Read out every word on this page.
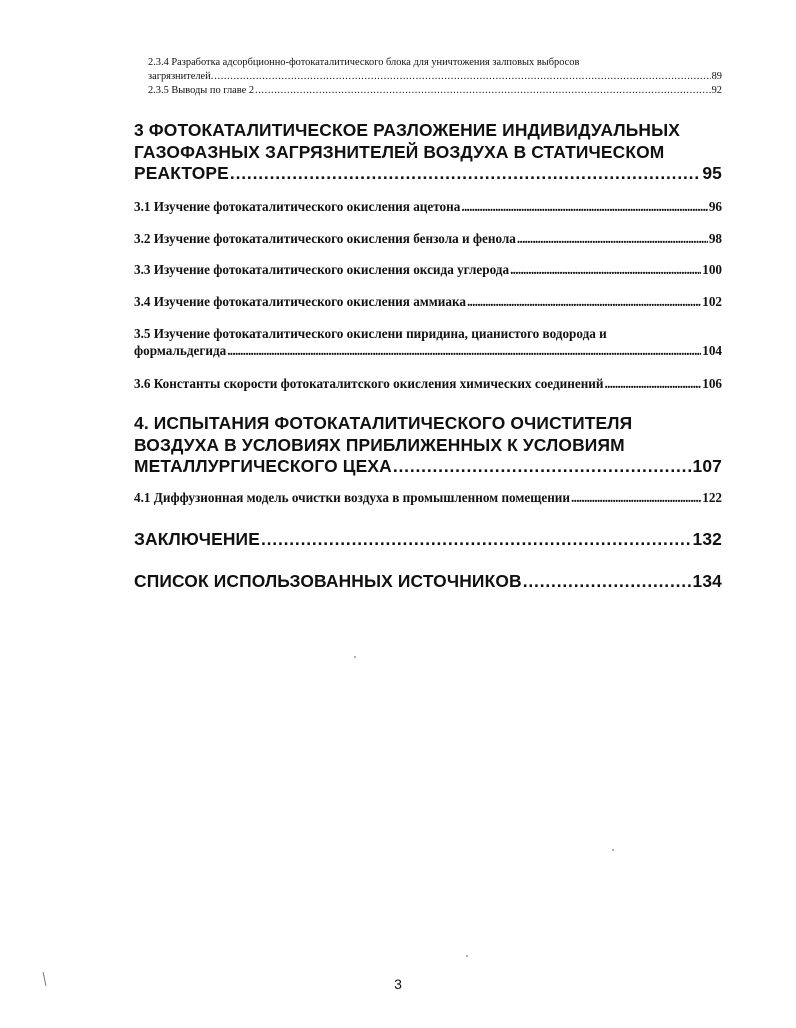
2.3.4 Разработка адсорбционно-фотокаталитического блока для уничтожения залповых выбросов
загрязнителей. . . .	89
2.3.5 Выводы по главе 2 . . .	92
3 ФОТОКАТАЛИТИЧЕСКОЕ РАЗЛОЖЕНИЕ ИНДИВИДУАЛЬНЫХ
ГАЗОФАЗНЫХ ЗАГРЯЗНИТЕЛЕЙ ВОЗДУХА В СТАТИЧЕСКОМ
РЕАКТОРЕ . . .	95
3.1 Изучение фотокаталитического окисления ацетона . . .	96
3.2 Изучение фотокаталитического окисления бензола и фенола . . .	98
3.3 Изучение фотокаталитического окисления оксида углерода . . .	100
3.4 Изучение фотокаталитического окисления аммиака . . .	102
3.5 Изучение фотокаталитического окислени пиридина, цианистого водорода и
формальдегида . . .	104
3.6 Константы скорости фотокаталитского окисления химических соединений . . .	106
4. ИСПЫТАНИЯ ФОТОКАТАЛИТИЧЕСКОГО ОЧИСТИТЕЛЯ
ВОЗДУХА В УСЛОВИЯХ ПРИБЛИЖЕННЫХ К УСЛОВИЯМ
МЕТАЛЛУРГИЧЕСКОГО ЦЕХА . . .	107
4.1 Диффузионная модель очистки воздуха в промышленном помещении . . .	122
ЗАКЛЮЧЕНИЕ . . .	132
СПИСОК ИСПОЛЬЗОВАННЫХ ИСТОЧНИКОВ . . .	134
3
